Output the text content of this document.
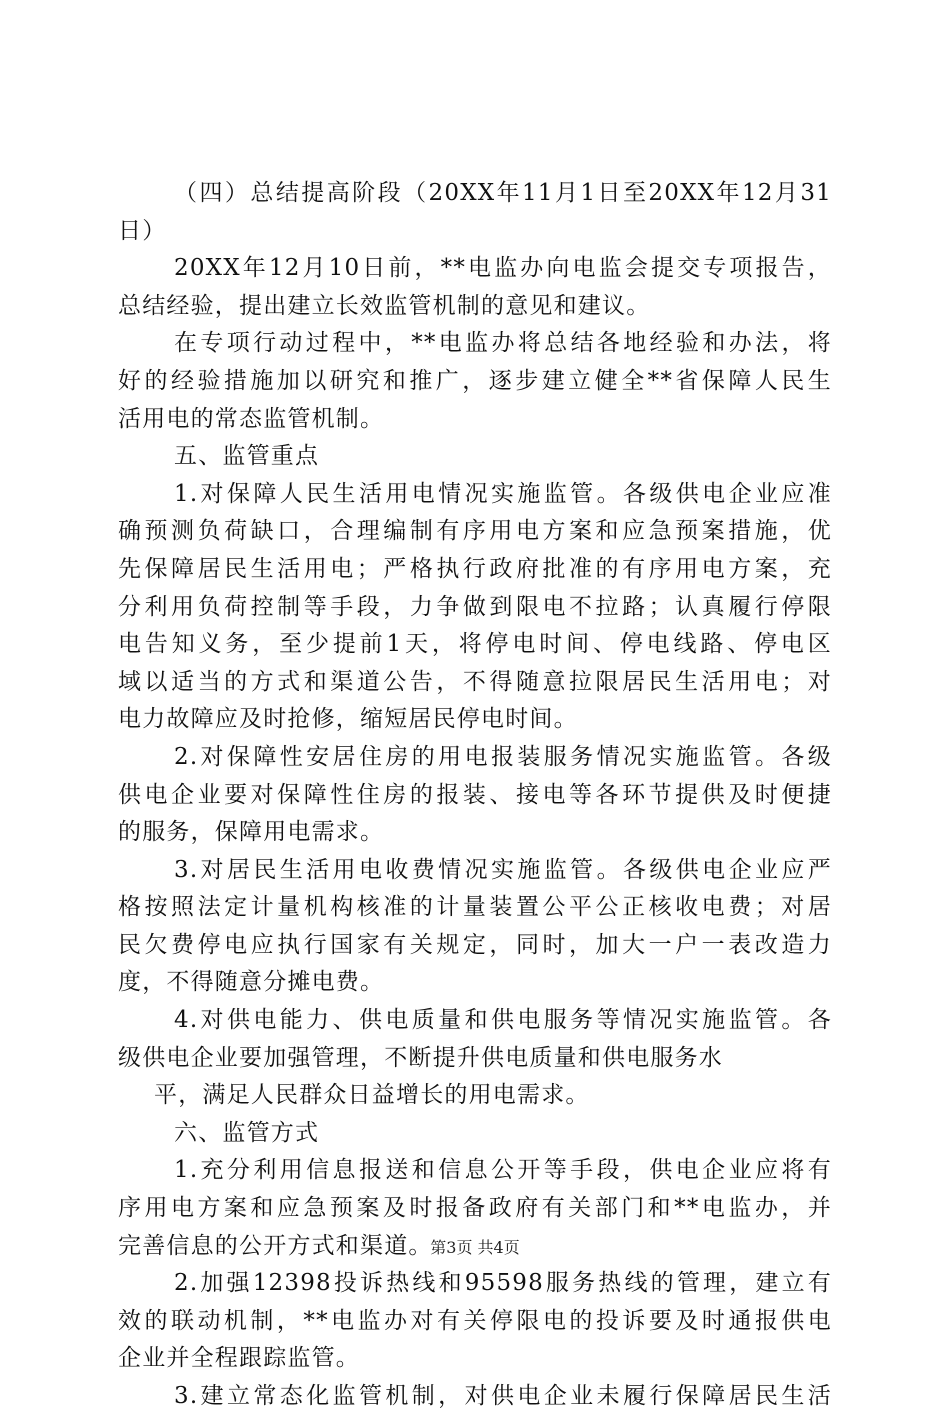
（四）总结提高阶段（20XX年11月1日至20XX年12月31
日）
20XX年12月10日前，**电监办向电监会提交专项报告，
总结经验，提出建立长效监管机制的意见和建议。
在专项行动过程中，**电监办将总结各地经验和办法，将
好的经验措施加以研究和推广，逐步建立健全**省保障人民生
活用电的常态监管机制。
五、监管重点
1.对保障人民生活用电情况实施监管。各级供电企业应准
确预测负荷缺口，合理编制有序用电方案和应急预案措施，优
先保障居民生活用电；严格执行政府批准的有序用电方案，充
分利用负荷控制等手段，力争做到限电不拉路；认真履行停限
电告知义务，至少提前1天，将停电时间、停电线路、停电区
域以适当的方式和渠道公告，不得随意拉限居民生活用电；对
电力故障应及时抢修，缩短居民停电时间。
2.对保障性安居住房的用电报装服务情况实施监管。各级
供电企业要对保障性住房的报装、接电等各环节提供及时便捷
的服务，保障用电需求。
3.对居民生活用电收费情况实施监管。各级供电企业应严
格按照法定计量机构核准的计量装置公平公正核收电费；对居
民欠费停电应执行国家有关规定，同时，加大一户一表改造力
度，不得随意分摊电费。
4.对供电能力、供电质量和供电服务等情况实施监管。各
级供电企业要加强管理，不断提升供电质量和供电服务水
平，满足人民群众日益增长的用电需求。
六、监管方式
1.充分利用信息报送和信息公开等手段，供电企业应将有
序用电方案和应急预案及时报备政府有关部门和**电监办，并
完善信息的公开方式和渠道。
2.加强12398投诉热线和95598服务热线的管理，建立有
效的联动机制，**电监办对有关停限电的投诉要及时通报供电
企业并全程跟踪监管。
3.建立常态化监管机制，对供电企业未履行保障居民生活
第3页 共4页
